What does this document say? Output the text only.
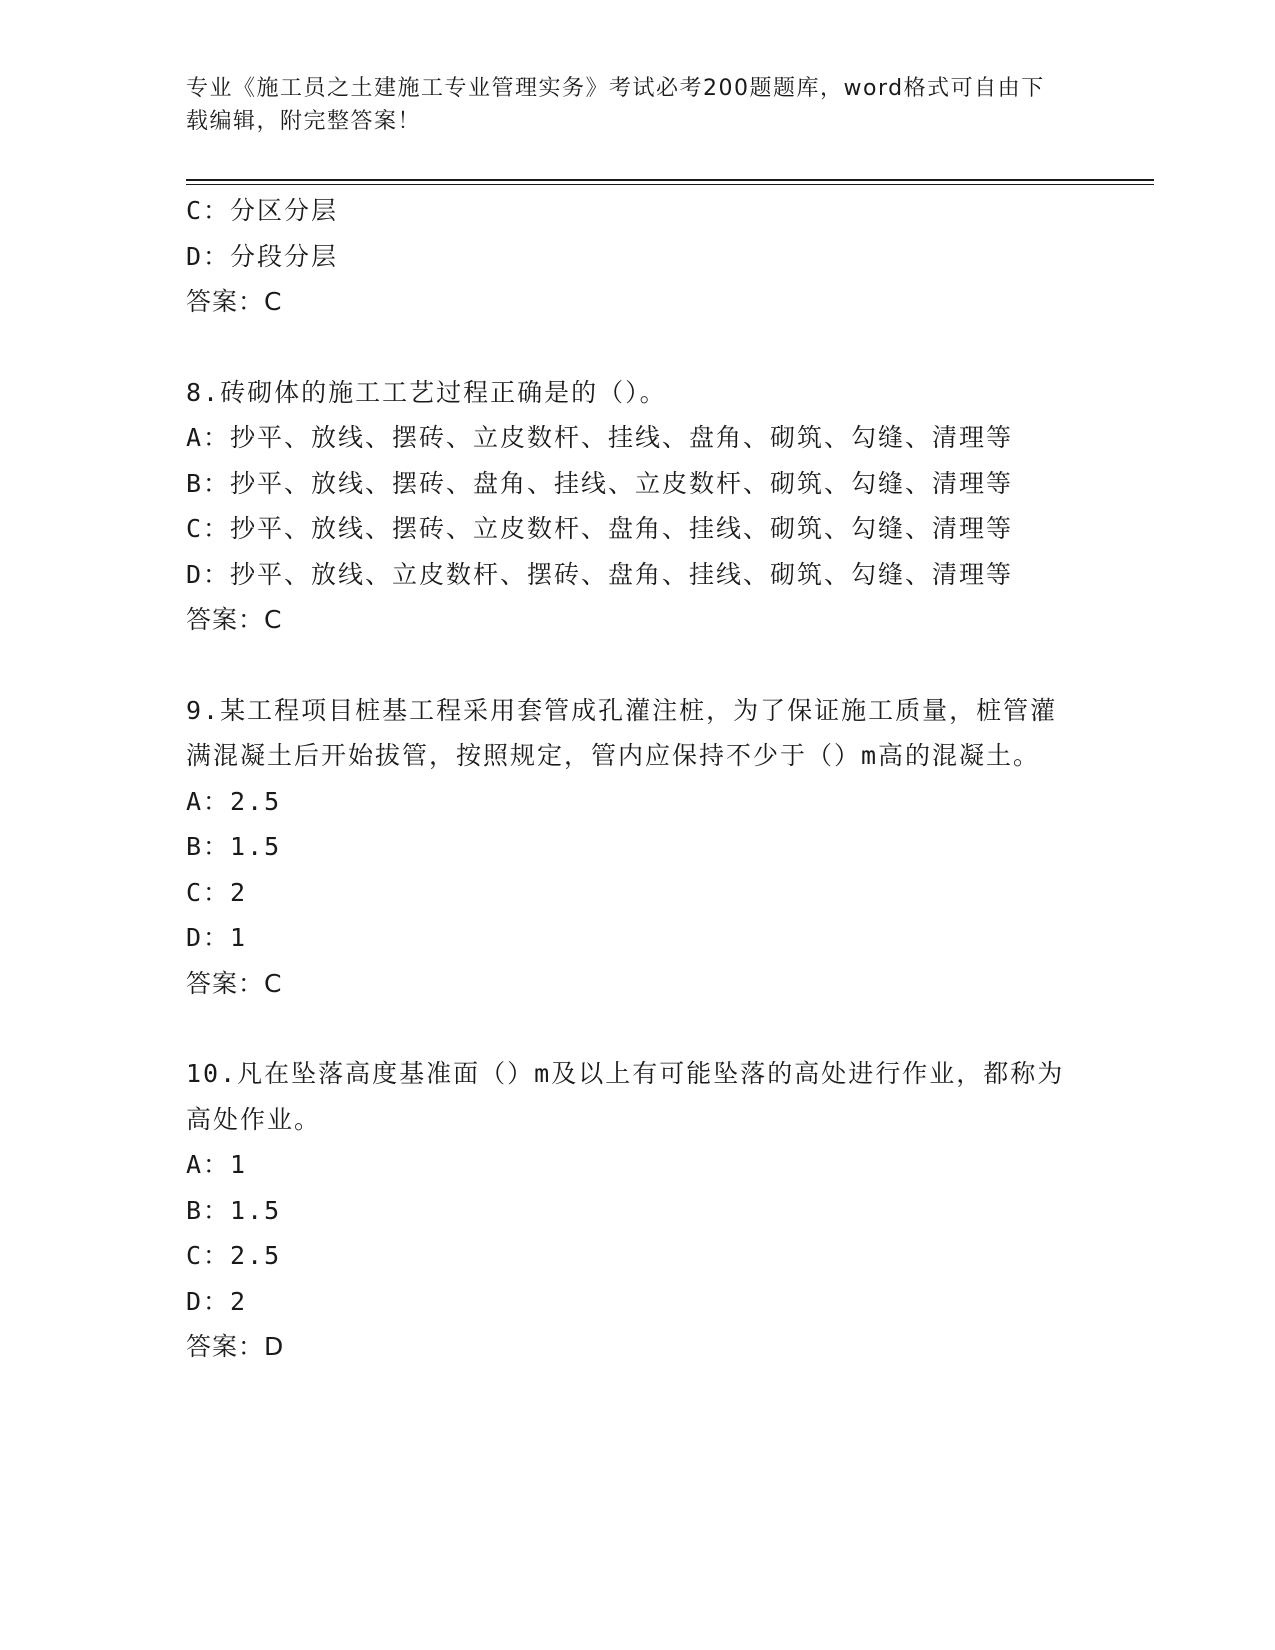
专业《施工员之土建施工专业管理实务》考试必考200题题库，word格式可自由下载编辑，附完整答案！
C：分区分层
D：分段分层
答案：C
8.砖砌体的施工工艺过程正确是的（）。
A：抄平、放线、摆砖、立皮数杆、挂线、盘角、砌筑、勾缝、清理等
B：抄平、放线、摆砖、盘角、挂线、立皮数杆、砌筑、勾缝、清理等
C：抄平、放线、摆砖、立皮数杆、盘角、挂线、砌筑、勾缝、清理等
D：抄平、放线、立皮数杆、摆砖、盘角、挂线、砌筑、勾缝、清理等
答案：C
9.某工程项目桩基工程采用套管成孔灌注桩，为了保证施工质量，桩管灌满混凝土后开始拔管，按照规定，管内应保持不少于（）m高的混凝土。
A：2.5
B：1.5
C：2
D：1
答案：C
10.凡在坠落高度基准面（）m及以上有可能坠落的高处进行作业，都称为高处作业。
A：1
B：1.5
C：2.5
D：2
答案：D
